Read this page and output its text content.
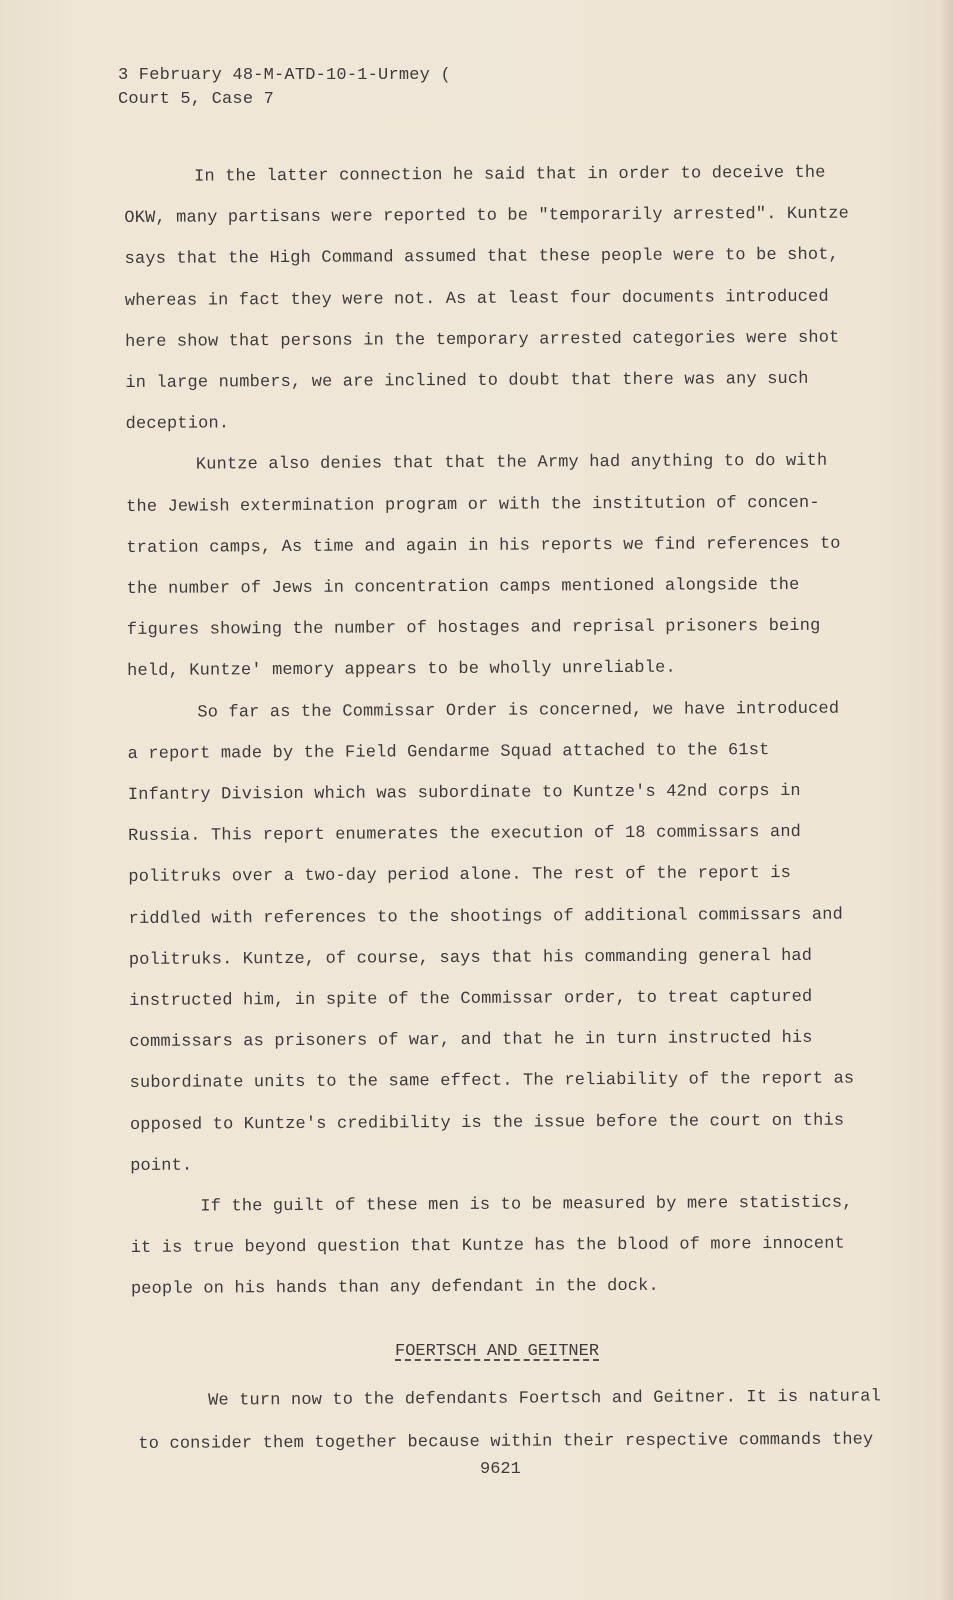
3 February 48-M-ATD-10-1-Urmey (
Court 5, Case 7
In the latter connection he said that in order to deceive the
OKW, many partisans were reported to be "temporarily arrested". Kuntze
says that the High Command assumed that these people were to be shot,
whereas in fact they were not. As at least four documents introduced
here show that persons in the temporary arrested categories were shot
in large numbers, we are inclined to doubt that there was any such
deception.
Kuntze also denies that that the Army had anything to do with
the Jewish extermination program or with the institution of concen-
tration camps, As time and again in his reports we find references to
the number of Jews in concentration camps mentioned alongside the
figures showing the number of hostages and reprisal prisoners being
held, Kuntze' memory appears to be wholly unreliable.
So far as the Commissar Order is concerned, we have introduced
a report made by the Field Gendarme Squad attached to the 61st
Infantry Division which was subordinate to Kuntze's 42nd corps in
Russia. This report enumerates the execution of 18 commissars and
politruks over a two-day period alone. The rest of the report is
riddled with references to the shootings of additional commissars and
politruks. Kuntze, of course, says that his commanding general had
instructed him, in spite of the Commissar order, to treat captured
commissars as prisoners of war, and that he in turn instructed his
subordinate units to the same effect. The reliability of the report as
opposed to Kuntze's credibility is the issue before the court on this
point.
If the guilt of these men is to be measured by mere statistics,
it is true beyond question that Kuntze has the blood of more innocent
people on his hands than any defendant in the dock.
FOERTSCH AND GEITNER
We turn now to the defendants Foertsch and Geitner. It is natural
to consider them together because within their respective commands they
9621
